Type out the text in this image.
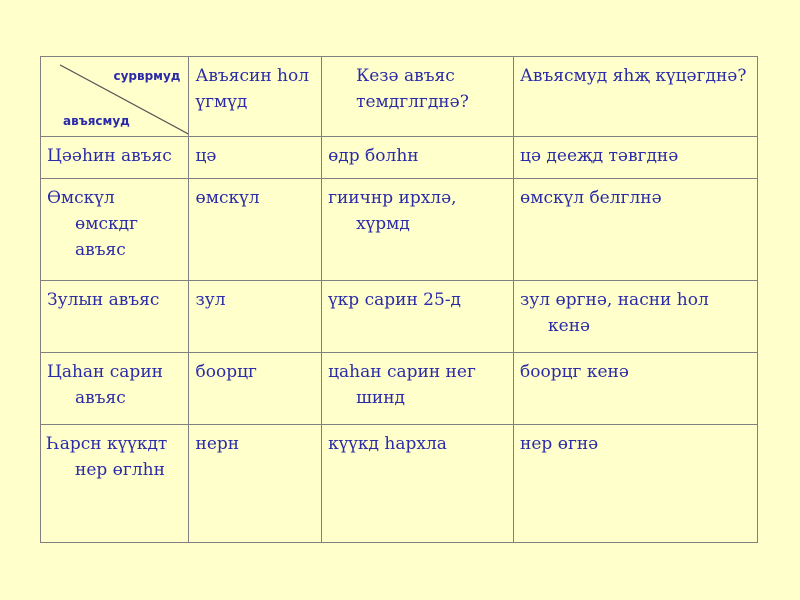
сурврмуд
авъясмуд	Авъясин һол үгмүд	Кезә авъяс темдглгднә?	Авъясмуд яһҗ күцәгднә?

Цәәһин авъяс	цә	өдр болһн	цә дееҗд тәвгднә

Өмскүл өмскдг авъяс	өмскүл	гиичнр ирхлә, хүрмд	өмскүл белглнә
Зулын авъяс	зул	үкр сарин 25-д	зул өргнә, насни һол кенә

Цаһан сарин авъяс	боорцг	цаһан сарин нег шинд	боорцг кенә

Һарсн күүкдт нер өглһн	нерн	күүкд һархла	нер өгнә
